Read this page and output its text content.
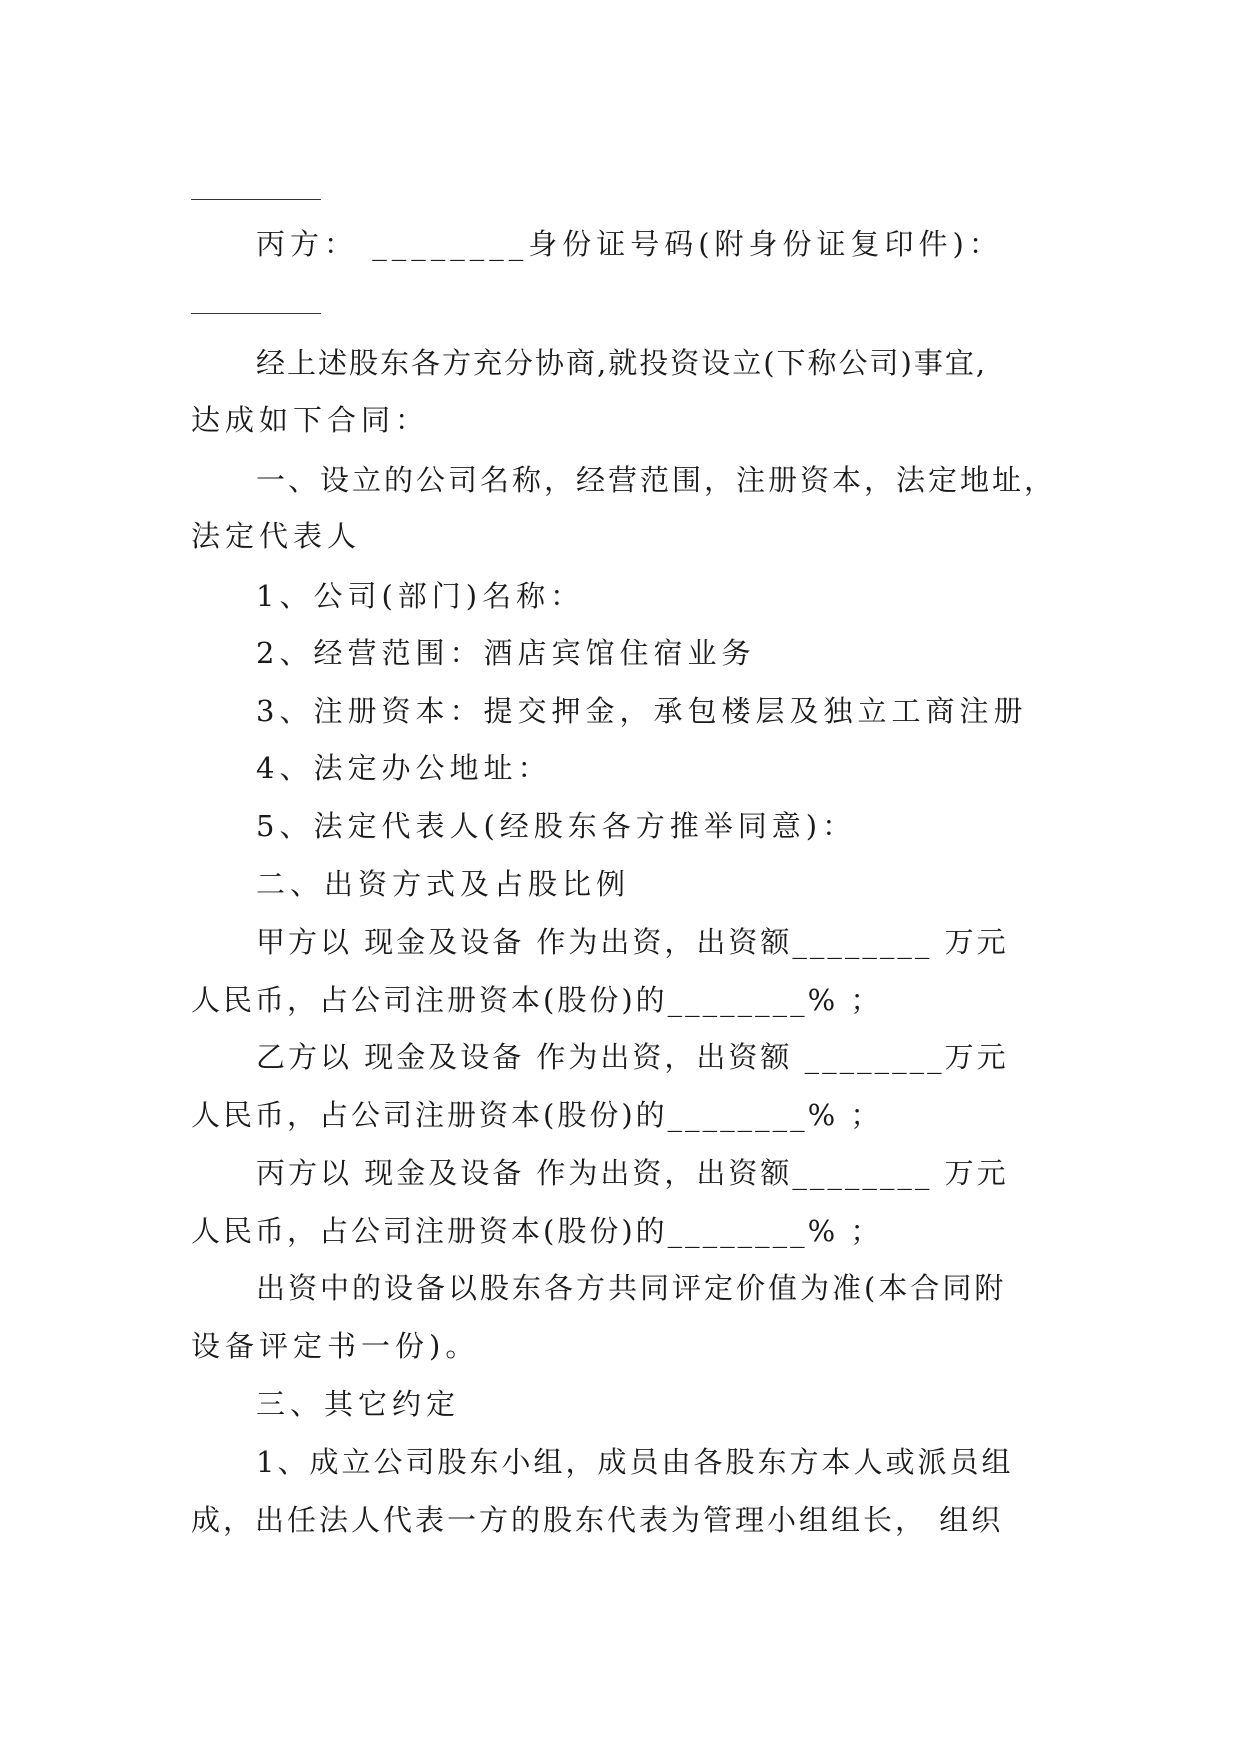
丙方： ________身份证号码(附身份证复印件)：
经上述股东各方充分协商,就投资设立(下称公司)事宜,
达成如下合同：
一、设立的公司名称，经营范围，注册资本，法定地址，
法定代表人
1、公司(部门)名称：
2、经营范围：酒店宾馆住宿业务
3、注册资本：提交押金，承包楼层及独立工商注册
4、法定办公地址：
5、法定代表人(经股东各方推举同意)：
二、出资方式及占股比例
甲方以 现金及设备 作为出资，出资额________ 万元
人民币，占公司注册资本(股份)的________% ；
乙方以 现金及设备 作为出资，出资额 ________万元
人民币，占公司注册资本(股份)的________% ；
丙方以 现金及设备 作为出资，出资额________ 万元
人民币，占公司注册资本(股份)的________% ；
出资中的设备以股东各方共同评定价值为准(本合同附
设备评定书一份)。
三、其它约定
1、成立公司股东小组，成员由各股东方本人或派员组
成，出任法人代表一方的股东代表为管理小组组长， 组织
